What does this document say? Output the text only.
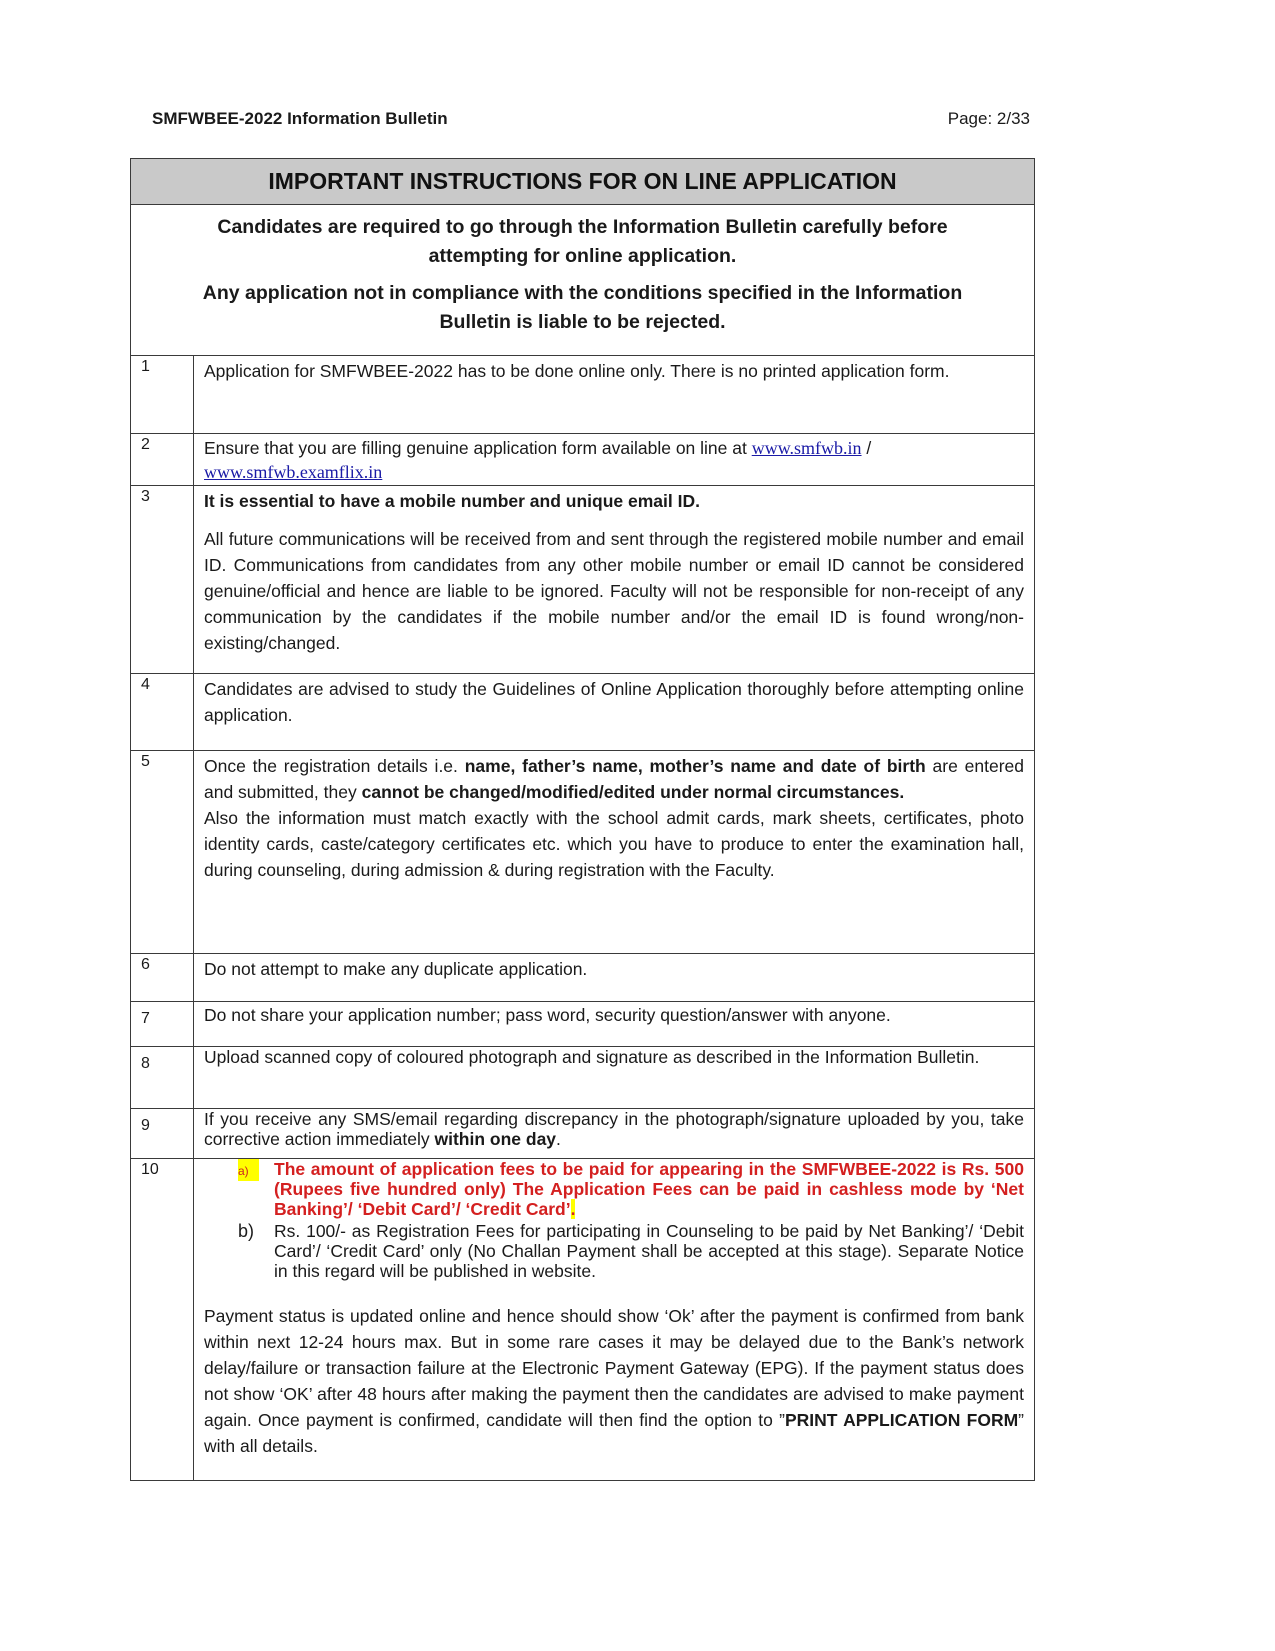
SMFWBEE-2022 Information Bulletin	Page: 2/33
IMPORTANT INSTRUCTIONS FOR ON LINE APPLICATION

Candidates are required to go through the Information Bulletin carefully before

attempting for online application.

Any application not in compliance with the conditions specified in the Information

Bulletin is liable to be rejected.

1	Application for SMFWBEE-2022 has to be done online only. There is no printed application form.

2	Ensure that you are filling genuine application form available on line at www.smfwb.in /
www.smfwb.examflix.in

3	It is essential to have a mobile number and unique email ID.

All future communications will be received from and sent through the registered mobile number and email ID. Communications from candidates from any other mobile number or email ID cannot be considered genuine/official and hence are liable to be ignored. Faculty will not be responsible for non-receipt of any communication by the candidates if the mobile number and/or the email ID is found wrong/non-existing/changed.

4	Candidates are advised to study the Guidelines of Online Application thoroughly before attempting online application.

5	Once the registration details i.e. name, father’s name, mother’s name and date of birth are entered and submitted, they cannot be changed/modified/edited under normal circumstances.

Also the information must match exactly with the school admit cards, mark sheets, certificates, photo identity cards, caste/category certificates etc. which you have to produce to enter the examination hall, during counseling, during admission & during registration with the Faculty.

6	Do not attempt to make any duplicate application.

7	Do not share your application number; pass word, security question/answer with anyone.

8	Upload scanned copy of coloured photograph and signature as described in the Information Bulletin.

9	If you receive any SMS/email regarding discrepancy in the photograph/signature uploaded by you, take corrective action immediately within one day.

10	a)	The amount of application fees to be paid for appearing in the SMFWBEE-2022 is Rs. 500 (Rupees five hundred only) The Application Fees can be paid in cashless mode by ‘Net Banking’/ ‘Debit Card’/ ‘Credit Card’.
b)	Rs. 100/- as Registration Fees for participating in Counseling to be paid by Net Banking’/ ‘Debit Card’/ ‘Credit Card’ only (No Challan Payment shall be accepted at this stage). Separate Notice in this regard will be published in website.

Payment status is updated online and hence should show ‘Ok’ after the payment is confirmed from bank within next 12-24 hours max. But in some rare cases it may be delayed due to the Bank’s network delay/failure or transaction failure at the Electronic Payment Gateway (EPG). If the payment status does not show ‘OK’ after 48 hours after making the payment then the candidates are advised to make payment again. Once payment is confirmed, candidate will then find the option to ”PRINT APPLICATION FORM” with all details.
